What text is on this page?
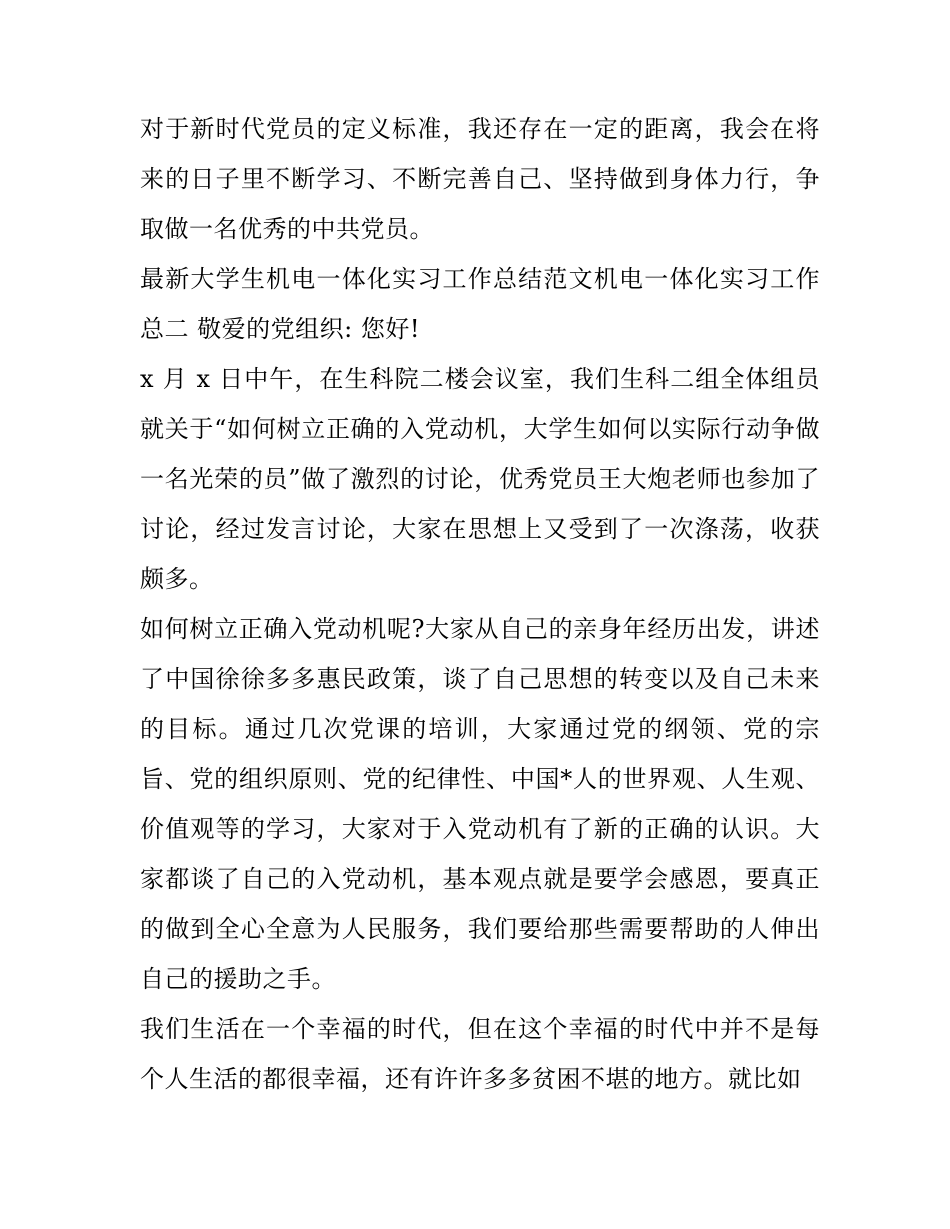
对于新时代党员的定义标准，我还存在一定的距离，我会在将来的日子里不断学习、不断完善自己、坚持做到身体力行，争取做一名优秀的中共党员。

最新大学生机电一体化实习工作总结范文机电一体化实习工作总二 敬爱的党组织: 您好!

x 月 x 日中午，在生科院二楼会议室，我们生科二组全体组员就关于“如何树立正确的入党动机，大学生如何以实际行动争做一名光荣的员”做了激烈的讨论，优秀党员王大炮老师也参加了讨论，经过发言讨论，大家在思想上又受到了一次涤荡，收获颇多。

如何树立正确入党动机呢?大家从自己的亲身年经历出发，讲述了中国徐徐多多惠民政策，谈了自己思想的转变以及自己未来的目标。通过几次党课的培训，大家通过党的纲领、党的宗旨、党的组织原则、党的纪律性、中国*人的世界观、人生观、价值观等的学习，大家对于入党动机有了新的正确的认识。大家都谈了自己的入党动机，基本观点就是要学会感恩，要真正的做到全心全意为人民服务，我们要给那些需要帮助的人伸出自己的援助之手。

我们生活在一个幸福的时代，但在这个幸福的时代中并不是每个人生活的都很幸福，还有许许多多贫困不堪的地方。就比如
